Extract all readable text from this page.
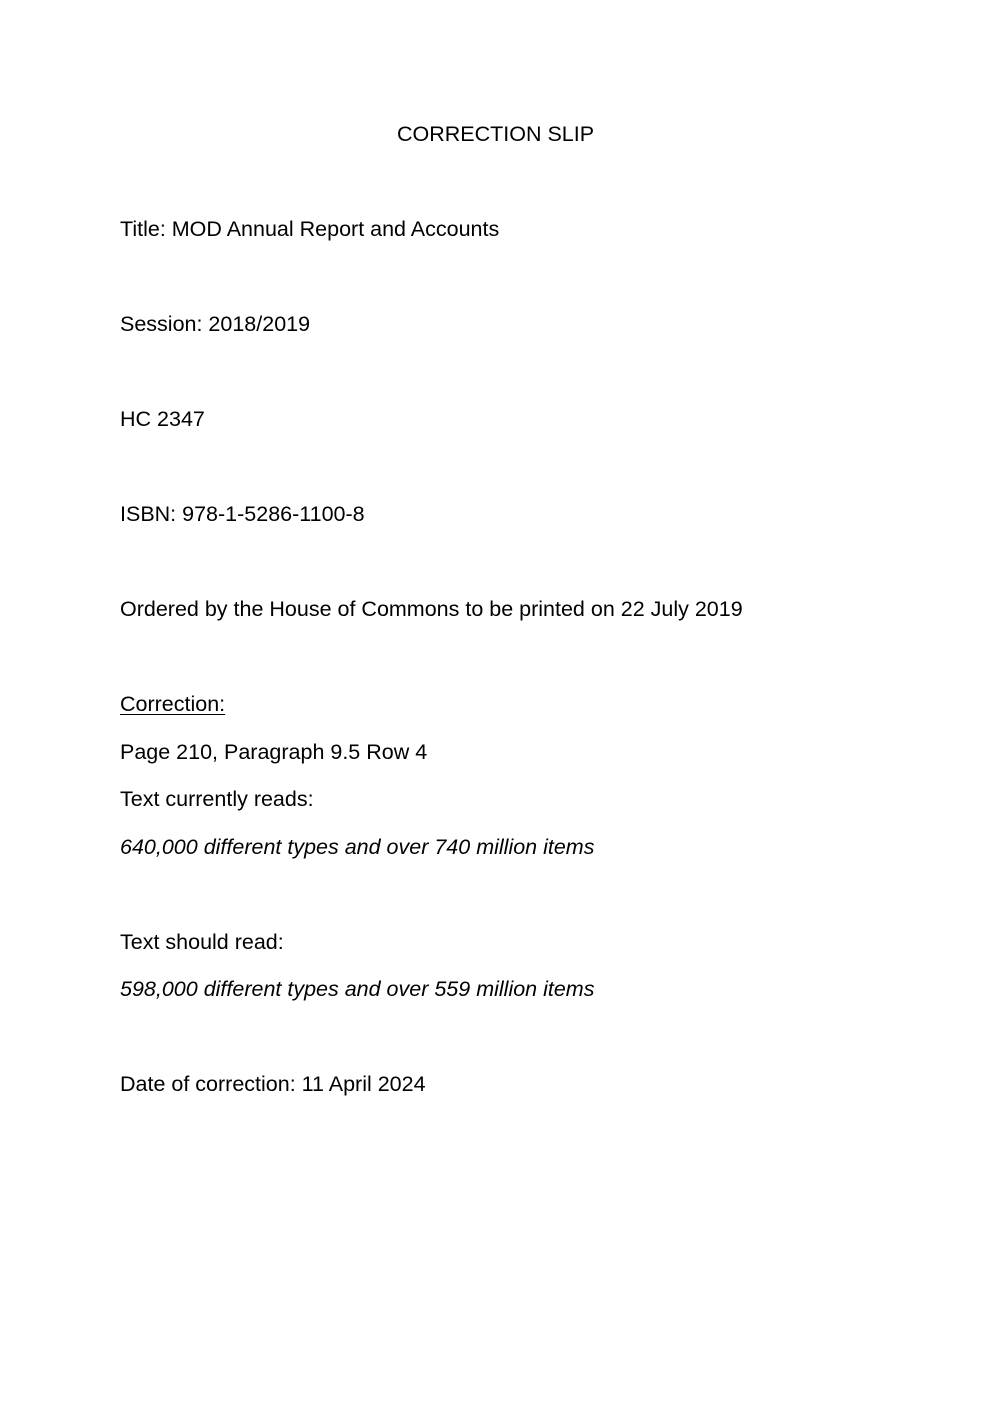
CORRECTION SLIP
Title: MOD Annual Report and Accounts
Session: 2018/2019
HC 2347
ISBN: 978-1-5286-1100-8
Ordered by the House of Commons to be printed on 22 July 2019
Correction:
Page 210, Paragraph 9.5 Row 4
Text currently reads:
640,000 different types and over 740 million items
Text should read:
598,000 different types and over 559 million items
Date of correction: 11 April 2024
